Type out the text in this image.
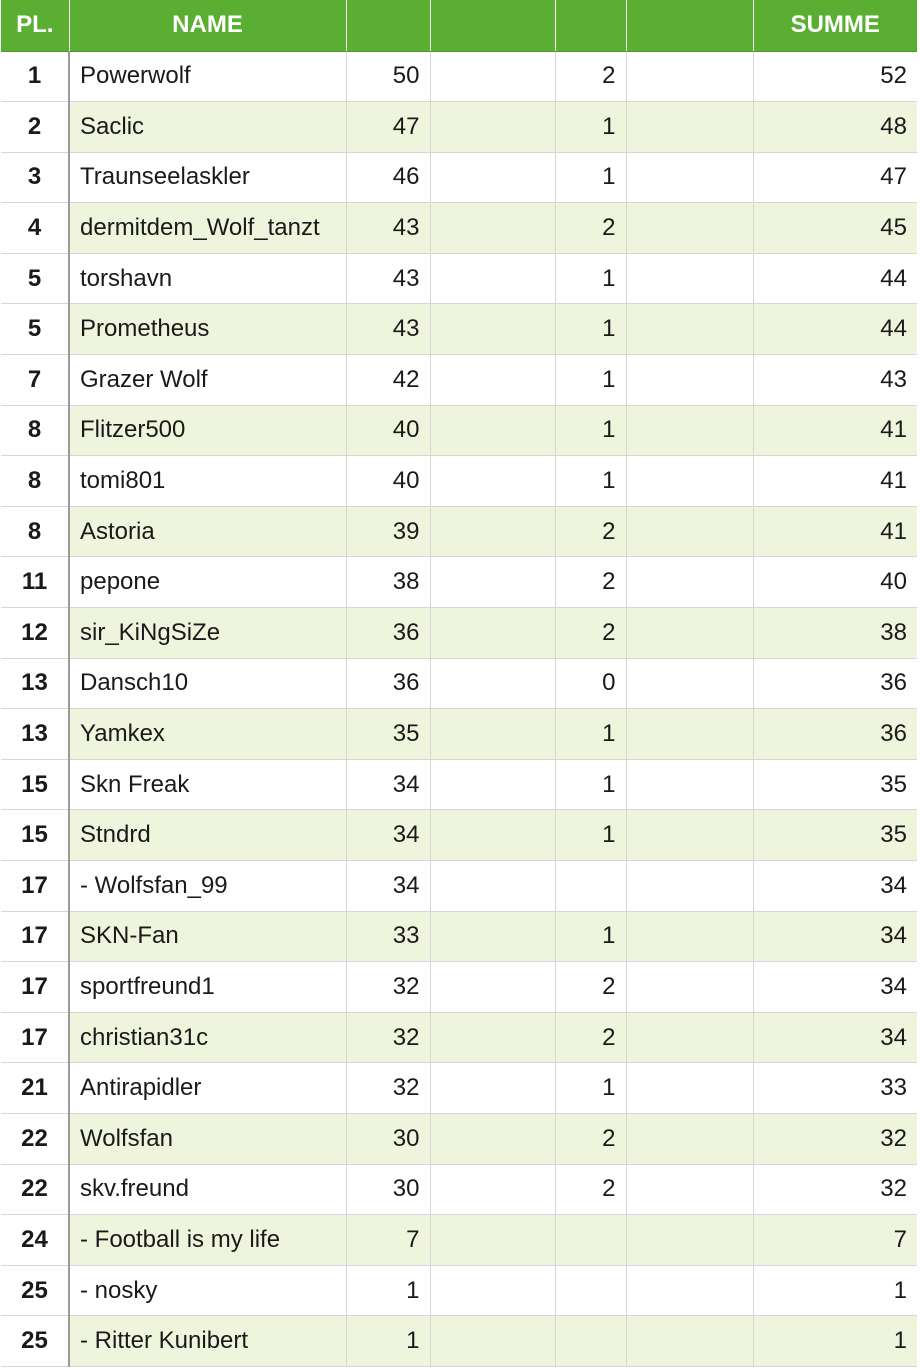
PL.	NAME					SUMME
1	Powerwolf	50		2		52
2	Saclic	47		1		48
3	Traunseelaskler	46		1		47
4	dermitdem_Wolf_tanzt	43		2		45
5	torshavn	43		1		44
5	Prometheus	43		1		44
7	Grazer Wolf	42		1		43
8	Flitzer500	40		1		41
8	tomi801	40		1		41
8	Astoria	39		2		41
11	pepone	38		2		40
12	sir_KiNgSiZe	36		2		38
13	Dansch10	36		0		36
13	Yamkex	35		1		36
15	Skn Freak	34		1		35
15	Stndrd	34		1		35
17	- Wolfsfan_99	34				34
17	SKN-Fan	33		1		34
17	sportfreund1	32		2		34
17	christian31c	32		2		34
21	Antirapidler	32		1		33
22	Wolfsfan	30		2		32
22	skv.freund	30		2		32
24	- Football is my life	7				7
25	- nosky	1				1
25	- Ritter Kunibert	1				1
